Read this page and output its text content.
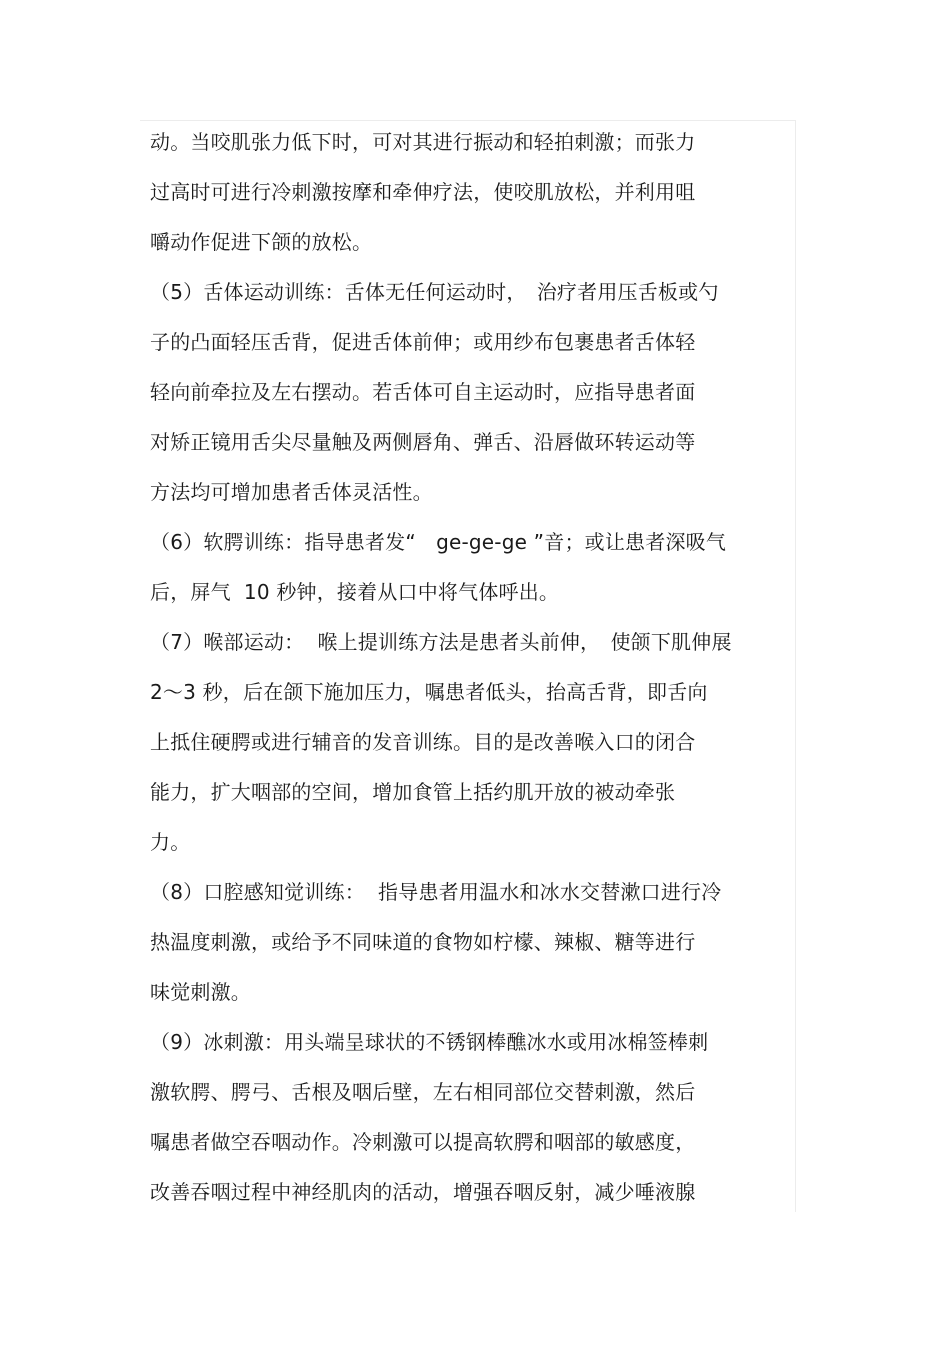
动。当咬肌张力低下时，可对其进行振动和轻拍刺激；而张力
过高时可进行冷刺激按摩和牵伸疗法，使咬肌放松，并利用咀
嚼动作促进下颌的放松。
（5）舌体运动训练：舌体无任何运动时，　治疗者用压舌板或勺
子的凸面轻压舌背，促进舌体前伸；或用纱布包裹患者舌体轻
轻向前牵拉及左右摆动。若舌体可自主运动时，应指导患者面
对矫正镜用舌尖尽量触及两侧唇角、弹舌、沿唇做环转运动等
方法均可增加患者舌体灵活性。
（6）软腭训练：指导患者发“　ge-ge-ge ”音；或让患者深吸气
后，屏气  10 秒钟，接着从口中将气体呼出。
（7）喉部运动：  喉上提训练方法是患者头前伸，　使颌下肌伸展
2～3 秒，后在颌下施加压力，嘱患者低头，抬高舌背，即舌向
上抵住硬腭或进行辅音的发音训练。目的是改善喉入口的闭合
能力，扩大咽部的空间，增加食管上括约肌开放的被动牵张
力。
（8）口腔感知觉训练：  指导患者用温水和冰水交替漱口进行冷
热温度刺激，或给予不同味道的食物如柠檬、辣椒、糖等进行
味觉刺激。
（9）冰刺激：用头端呈球状的不锈钢棒醮冰水或用冰棉签棒刺
激软腭、腭弓、舌根及咽后壁，左右相同部位交替刺激，然后
嘱患者做空吞咽动作。冷刺激可以提高软腭和咽部的敏感度，
改善吞咽过程中神经肌肉的活动，增强吞咽反射，减少唾液腺
